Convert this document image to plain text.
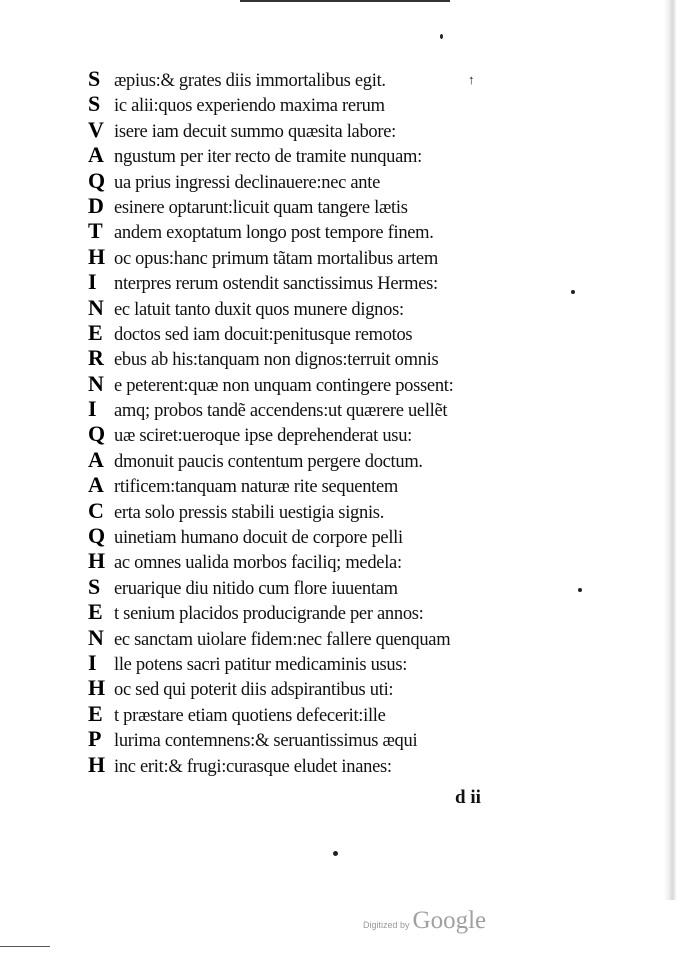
↑
S æpius:& grates diis immortalibus egit.
S ic alii:quos experiendo maxima rerum
V isere iam decuit summo quæsita labore:
A ngustum per iter recto de tramite nunquam:
Q ua prius ingressi declinauere:nec ante
D esinere optarunt:licuit quam tangere lætis
T andem exoptatum longo post tempore finem.
H oc opus:hanc primum tãtam mortalibus artem
I nterpres rerum ostendit sanctissimus Hermes:
N ec latuit tanto duxit quos munere dignos:
E doctos sed iam docuit:penitusque remotos
R ebus ab his:tanquam non dignos:terruit omnis
N e peterent:quæ non unquam contingere possent:
I amq; probos tandẽ accendens:ut quærere uellẽt
Q uæ sciret:ueroque ipse deprehenderat usu:
A dmonuit paucis contentum pergere doctum.
A rtificem:tanquam naturæ rite sequentem
C erta solo pressis stabili uestigia signis.
Q uinetiam humano docuit de corpore pelli
H ac omnes ualida morbos faciliq; medela:
S eruarique diu nitido cum flore iuuentam
E t senium placidos producigrande per annos:
N ec sanctam uiolare fidem:nec fallere quenquam
I lle potens sacri patitur medicaminis usus:
H oc sed qui poterit diis adspirantibus uti:
E t præstare etiam quotiens defecerit:ille
P lurima contemnens:& seruantissimus æqui
H inc erit:& frugi:curasque eludet inanes:
d ii
Digitized by Google
